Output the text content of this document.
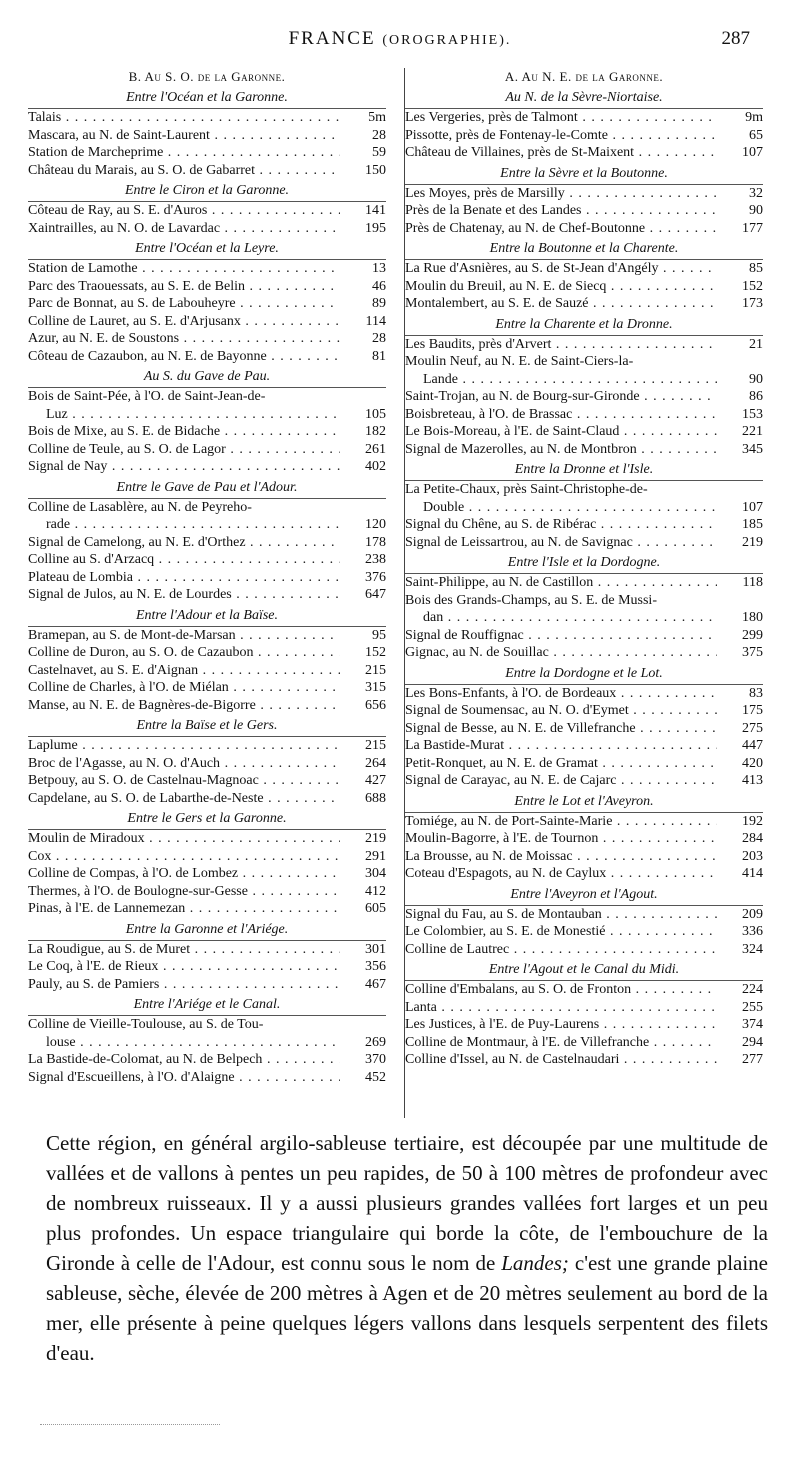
FRANCE (OROGRAPHIE).	287
B. Au S. O. de la Garonne.
Entre l'Océan et la Garonne.
Talais . . .	5m
Mascara, au N. de Saint-Laurent . . .	28
Station de Marcheprime . . .	59
Château du Marais, au S. O. de Gabarret . . .	150
Entre le Ciron et la Garonne.
Côteau de Ray, au S. E. d'Auros . . .	141
Xaintrailles, au N. O. de Lavardac . . .	195
Entre l'Océan et la Leyre.
Station de Lamothe . . .	13
Parc des Traouessats, au S. E. de Belin . . .	46
Parc de Bonnat, au S. de Labouheyre . . .	89
Colline de Lauret, au S. E. d'Arjusanx . . .	114
Azur, au N. E. de Soustons . . .	28
Côteau de Cazaubon, au N. E. de Bayonne . . .	81
Au S. du Gave de Pau.
Bois de Saint-Pée, à l'O. de Saint-Jean-de-
Luz . . .	105
Bois de Mixe, au S. E. de Bidache . . .	182
Colline de Teule, au S. O. de Lagor . . .	261
Signal de Nay . . .	402
Entre le Gave de Pau et l'Adour.
Colline de Lasablère, au N. de Peyreho-
rade . . .	120
Signal de Camelong, au N. E. d'Orthez . . .	178
Colline au S. d'Arzacq . . .	238
Plateau de Lombia . . .	376
Signal de Julos, au N. E. de Lourdes . . .	647
Entre l'Adour et la Baïse.
Bramepan, au S. de Mont-de-Marsan . . .	95
Colline de Duron, au S. O. de Cazaubon . . .	152
Castelnavet, au S. E. d'Aignan . . .	215
Colline de Charles, à l'O. de Miélan . . .	315
Manse, au N. E. de Bagnères-de-Bigorre . . .	656
Entre la Baïse et le Gers.
Laplume . . .	215
Broc de l'Agasse, au N. O. d'Auch . . .	264
Betpouy, au S. O. de Castelnau-Magnoac . . .	427
Capdelane, au S. O. de Labarthe-de-Neste . . .	688
Entre le Gers et la Garonne.
Moulin de Miradoux . . .	219
Cox . . .	291
Colline de Compas, à l'O. de Lombez . . .	304
Thermes, à l'O. de Boulogne-sur-Gesse . . .	412
Pinas, à l'E. de Lannemezan . . .	605
Entre la Garonne et l'Ariége.
La Roudigue, au S. de Muret . . .	301
Le Coq, à l'E. de Rieux . . .	356
Pauly, au S. de Pamiers . . .	467
Entre l'Ariége et le Canal.
Colline de Vieille-Toulouse, au S. de Tou-
louse . . .	269
La Bastide-de-Colomat, au N. de Belpech . . .	370
Signal d'Escueillens, à l'O. d'Alaigne . . .	452
A. Au N. E. de la Garonne.
Au N. de la Sèvre-Niortaise.
Les Vergeries, près de Talmont . . .	9m
Pissotte, près de Fontenay-le-Comte . . .	65
Château de Villaines, près de St-Maixent . . .	107
Entre la Sèvre et la Boutonne.
Les Moyes, près de Marsilly . . .	32
Près de la Benate et des Landes . . .	90
Près de Chatenay, au N. de Chef-Boutonne . . .	177
Entre la Boutonne et la Charente.
La Rue d'Asnières, au S. de St-Jean d'Angély . . .	85
Moulin du Breuil, au N. E. de Siecq . . .	152
Montalembert, au S. E. de Sauzé . . .	173
Entre la Charente et la Dronne.
Les Baudits, près d'Arvert . . .	21
Moulin Neuf, au N. E. de Saint-Ciers-la-
Lande . . .	90
Saint-Trojan, au N. de Bourg-sur-Gironde . . .	86
Boisbreteau, à l'O. de Brassac . . .	153
Le Bois-Moreau, à l'E. de Saint-Claud . . .	221
Signal de Mazerolles, au N. de Montbron . . .	345
Entre la Dronne et l'Isle.
La Petite-Chaux, près Saint-Christophe-de-
Double . . .	107
Signal du Chêne, au S. de Ribérac . . .	185
Signal de Leissartrou, au N. de Savignac . . .	219
Entre l'Isle et la Dordogne.
Saint-Philippe, au N. de Castillon . . .	118
Bois des Grands-Champs, au S. E. de Mussi-
dan . . .	180
Signal de Rouffignac . . .	299
Gignac, au N. de Souillac . . .	375
Entre la Dordogne et le Lot.
Les Bons-Enfants, à l'O. de Bordeaux . . .	83
Signal de Soumensac, au N. O. d'Eymet . . .	175
Signal de Besse, au N. E. de Villefranche . . .	275
La Bastide-Murat . . .	447
Petit-Ronquet, au N. E. de Gramat . . .	420
Signal de Carayac, au N. E. de Cajarc . . .	413
Entre le Lot et l'Aveyron.
Tomiége, au N. de Port-Sainte-Marie . . .	192
Moulin-Bagorre, à l'E. de Tournon . . .	284
La Brousse, au N. de Moissac . . .	203
Coteau d'Espagots, au N. de Caylux . . .	414
Entre l'Aveyron et l'Agout.
Signal du Fau, au S. de Montauban . . .	209
Le Colombier, au S. E. de Monestié . . .	336
Colline de Lautrec . . .	324
Entre l'Agout et le Canal du Midi.
Colline d'Embalans, au S. O. de Fronton . . .	224
Lanta . . .	255
Les Justices, à l'E. de Puy-Laurens . . .	374
Colline de Montmaur, à l'E. de Villefranche . . .	294
Colline d'Issel, au N. de Castelnaudari . . .	277
Cette région, en général argilo-sableuse tertiaire, est découpée par une multitude de vallées et de vallons à pentes un peu rapides, de 50 à 100 mètres de profondeur avec de nombreux ruisseaux. Il y a aussi plusieurs grandes vallées fort larges et un peu plus profondes. Un espace triangulaire qui borde la côte, de l'embouchure de la Gironde à celle de l'Adour, est connu sous le nom de Landes; c'est une grande plaine sableuse, sèche, élevée de 200 mètres à Agen et de 20 mètres seulement au bord de la mer, elle présente à peine quelques légers vallons dans lesquels serpentent des filets d'eau.
